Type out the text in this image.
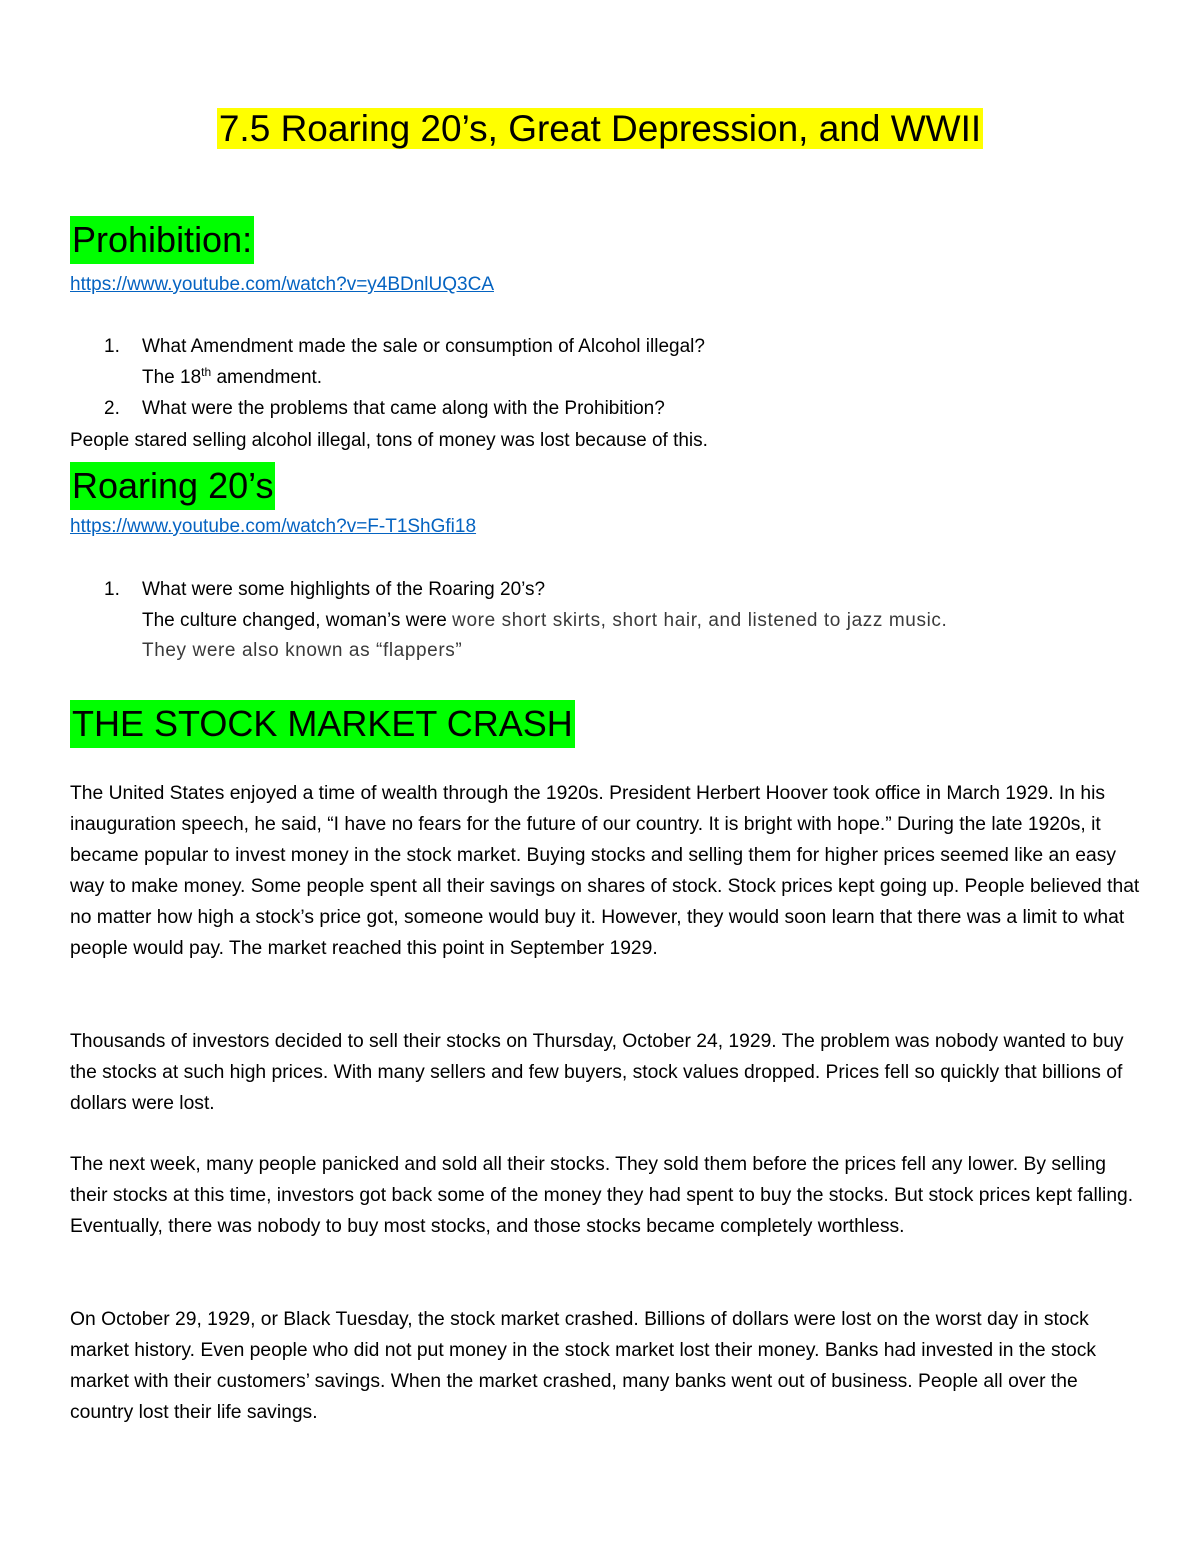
7.5 Roaring 20’s, Great Depression, and WWII
Prohibition:
https://www.youtube.com/watch?v=y4BDnlUQ3CA
1. What Amendment made the sale or consumption of Alcohol illegal?
The 18th amendment.
2. What were the problems that came along with the Prohibition?
People stared selling alcohol illegal, tons of money was lost because of this.
Roaring 20’s
https://www.youtube.com/watch?v=F-T1ShGfi18
1. What were some highlights of the Roaring 20’s?
The culture changed, woman’s were wore short skirts, short hair, and listened to jazz music.
They were also known as “flappers”
THE STOCK MARKET CRASH
The United States enjoyed a time of wealth through the 1920s. President Herbert Hoover took office in March 1929. In his inauguration speech, he said, “I have no fears for the future of our country. It is bright with hope.” During the late 1920s, it became popular to invest money in the stock market. Buying stocks and selling them for higher prices seemed like an easy way to make money. Some people spent all their savings on shares of stock. Stock prices kept going up. People believed that no matter how high a stock’s price got, someone would buy it. However, they would soon learn that there was a limit to what people would pay. The market reached this point in September 1929.
Thousands of investors decided to sell their stocks on Thursday, October 24, 1929. The problem was nobody wanted to buy the stocks at such high prices. With many sellers and few buyers, stock values dropped. Prices fell so quickly that billions of dollars were lost.
The next week, many people panicked and sold all their stocks. They sold them before the prices fell any lower. By selling their stocks at this time, investors got back some of the money they had spent to buy the stocks. But stock prices kept falling. Eventually, there was nobody to buy most stocks, and those stocks became completely worthless.
On October 29, 1929, or Black Tuesday, the stock market crashed. Billions of dollars were lost on the worst day in stock market history. Even people who did not put money in the stock market lost their money. Banks had invested in the stock market with their customers’ savings. When the market crashed, many banks went out of business. People all over the country lost their life savings.
